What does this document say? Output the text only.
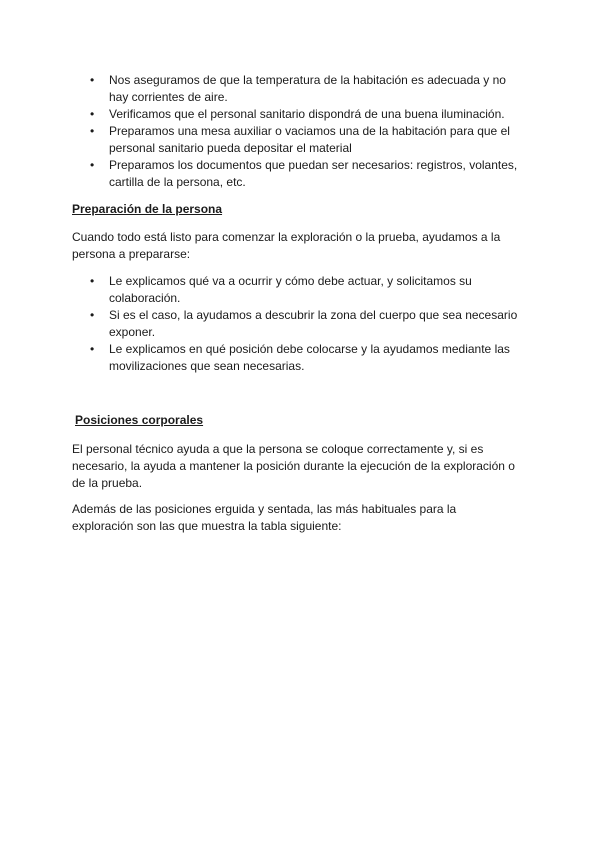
•	Nos aseguramos de que la temperatura de la habitación es adecuada y no hay corrientes de aire.
•	Verificamos que el personal sanitario dispondrá de una buena iluminación.
•	Preparamos una mesa auxiliar o vaciamos una de la habitación para que el personal sanitario pueda depositar el material
•	Preparamos los documentos que puedan ser necesarios: registros, volantes, cartilla de la persona, etc.
Preparación de la persona

Cuando todo está listo para comenzar la exploración o la prueba, ayudamos a la persona a prepararse:

•	Le explicamos qué va a ocurrir y cómo debe actuar, y solicitamos su colaboración.
•	Si es el caso, la ayudamos a descubrir la zona del cuerpo que sea necesario exponer.
•	Le explicamos en qué posición debe colocarse y la ayudamos mediante las movilizaciones que sean necesarias.
Posiciones corporales

El personal técnico ayuda a que la persona se coloque correctamente y, si es necesario, la ayuda a mantener la posición durante la ejecución de la exploración o de la prueba.

Además de las posiciones erguida y sentada, las más habituales para la exploración son las que muestra la tabla siguiente:
